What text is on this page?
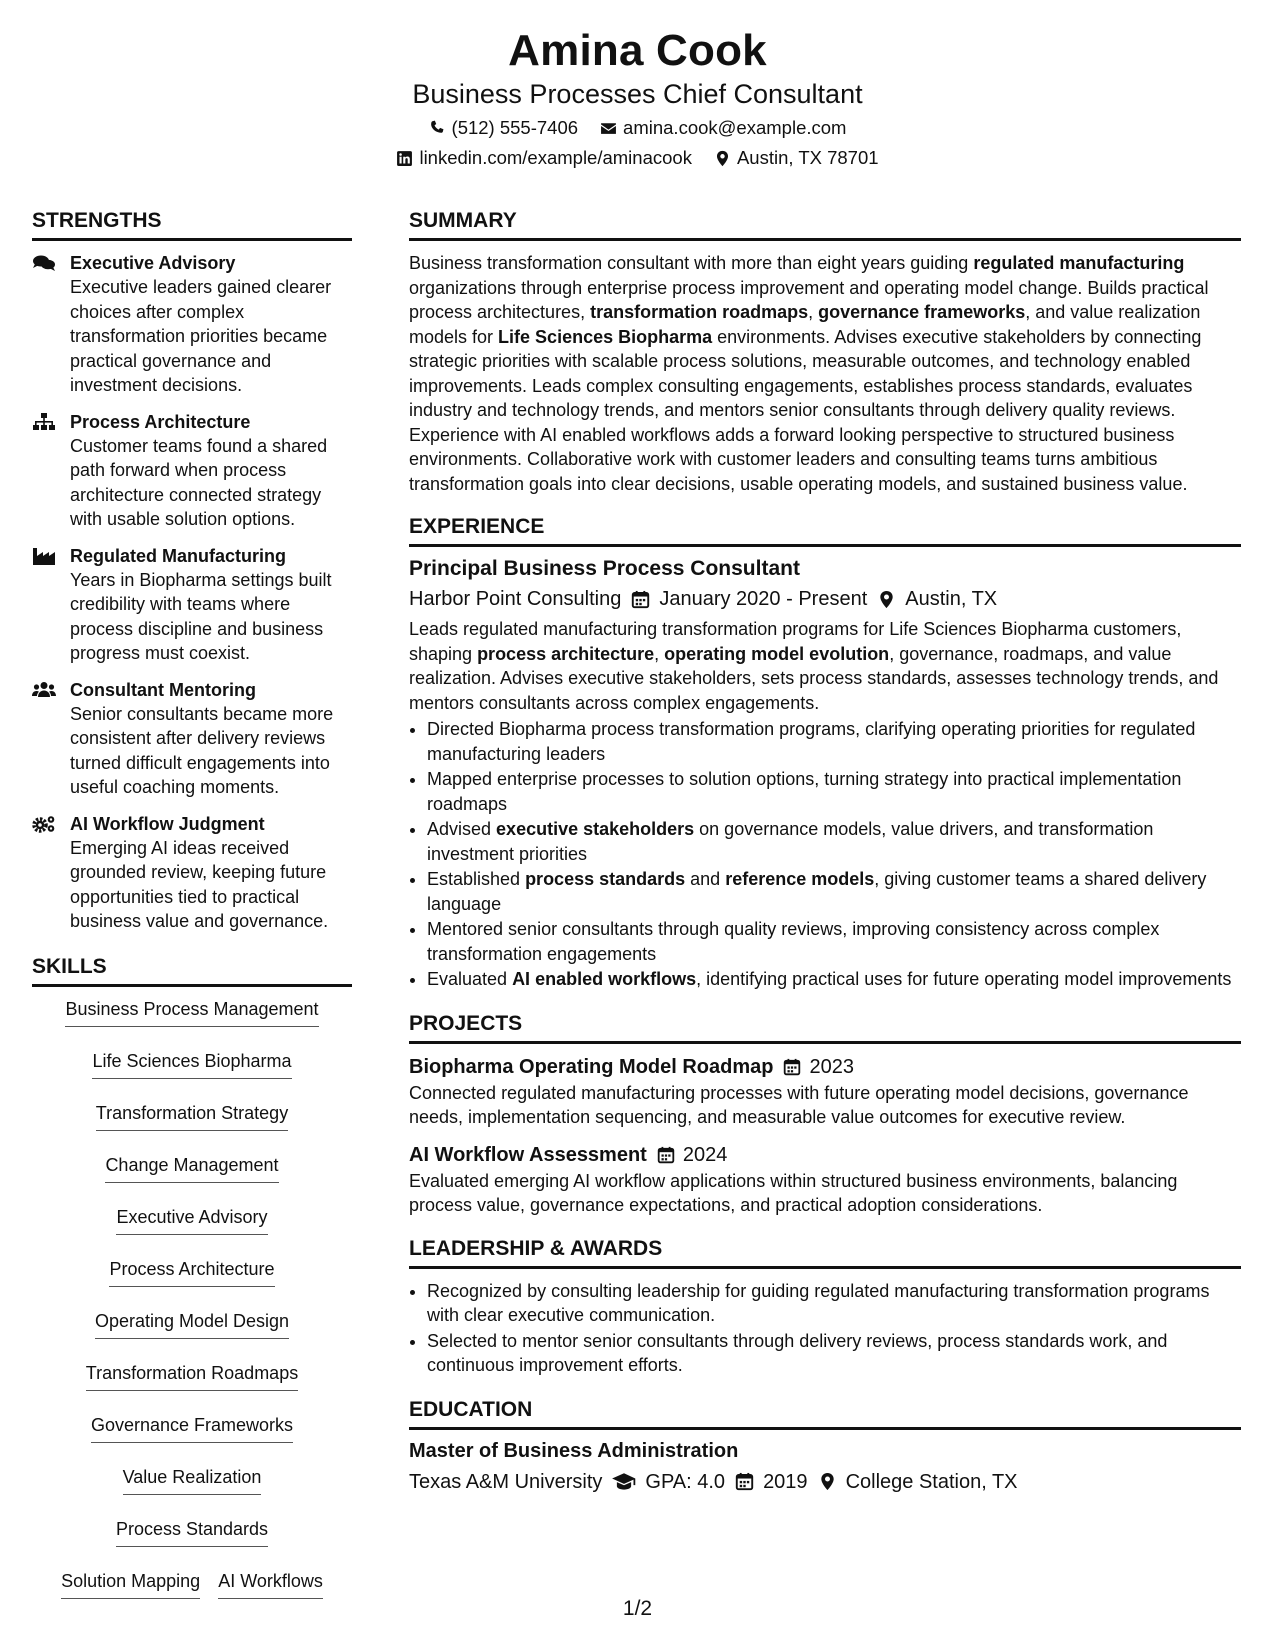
Amina Cook
Business Processes Chief Consultant
(512) 555-7406 amina.cook@example.com
linkedin.com/example/aminacook Austin, TX 78701
STRENGTHS
Executive Advisory
Executive leaders gained clearer choices after complex transformation priorities became practical governance and investment decisions.
Process Architecture
Customer teams found a shared path forward when process architecture connected strategy with usable solution options.
Regulated Manufacturing
Years in Biopharma settings built credibility with teams where process discipline and business progress must coexist.
Consultant Mentoring
Senior consultants became more consistent after delivery reviews turned difficult engagements into useful coaching moments.
AI Workflow Judgment
Emerging AI ideas received grounded review, keeping future opportunities tied to practical business value and governance.
SKILLS
Business Process Management
Life Sciences Biopharma
Transformation Strategy
Change Management
Executive Advisory
Process Architecture
Operating Model Design
Transformation Roadmaps
Governance Frameworks
Value Realization
Process Standards
Solution Mapping AI Workflows
SUMMARY
Business transformation consultant with more than eight years guiding regulated manufacturing organizations through enterprise process improvement and operating model change. Builds practical process architectures, transformation roadmaps, governance frameworks, and value realization models for Life Sciences Biopharma environments. Advises executive stakeholders by connecting strategic priorities with scalable process solutions, measurable outcomes, and technology enabled improvements. Leads complex consulting engagements, establishes process standards, evaluates industry and technology trends, and mentors senior consultants through delivery quality reviews. Experience with AI enabled workflows adds a forward looking perspective to structured business environments. Collaborative work with customer leaders and consulting teams turns ambitious transformation goals into clear decisions, usable operating models, and sustained business value.
EXPERIENCE
Principal Business Process Consultant
Harbor Point Consulting January 2020 - Present Austin, TX
Leads regulated manufacturing transformation programs for Life Sciences Biopharma customers, shaping process architecture, operating model evolution, governance, roadmaps, and value realization. Advises executive stakeholders, sets process standards, assesses technology trends, and mentors consultants across complex engagements.
• Directed Biopharma process transformation programs, clarifying operating priorities for regulated manufacturing leaders
• Mapped enterprise processes to solution options, turning strategy into practical implementation roadmaps
• Advised executive stakeholders on governance models, value drivers, and transformation investment priorities
• Established process standards and reference models, giving customer teams a shared delivery language
• Mentored senior consultants through quality reviews, improving consistency across complex transformation engagements
• Evaluated AI enabled workflows, identifying practical uses for future operating model improvements
PROJECTS
Biopharma Operating Model Roadmap 2023
Connected regulated manufacturing processes with future operating model decisions, governance needs, implementation sequencing, and measurable value outcomes for executive review.
AI Workflow Assessment 2024
Evaluated emerging AI workflow applications within structured business environments, balancing process value, governance expectations, and practical adoption considerations.
LEADERSHIP & AWARDS
• Recognized by consulting leadership for guiding regulated manufacturing transformation programs with clear executive communication.
• Selected to mentor senior consultants through delivery reviews, process standards work, and continuous improvement efforts.
EDUCATION
Master of Business Administration
Texas A&M University GPA: 4.0 2019 College Station, TX
1/2
